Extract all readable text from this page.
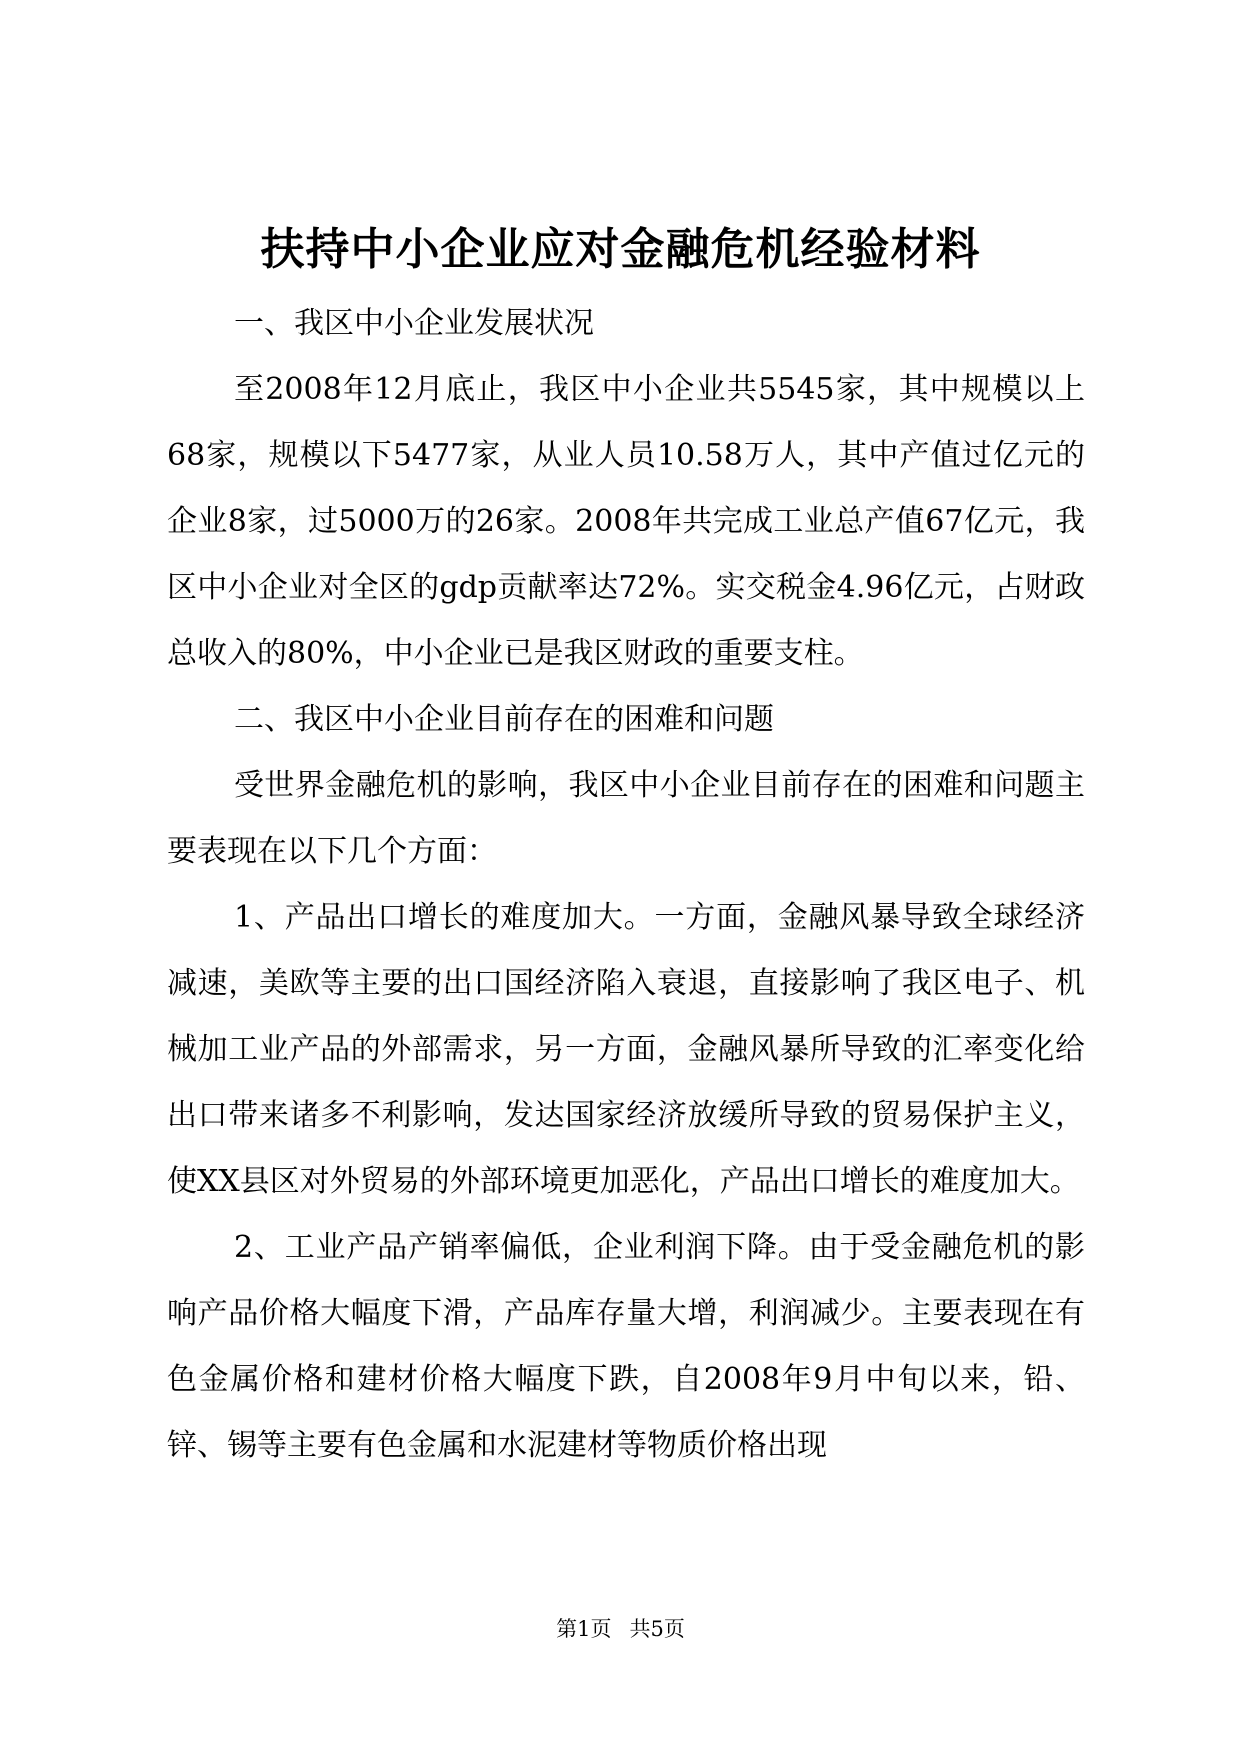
扶持中小企业应对金融危机经验材料

一、我区中小企业发展状况

至2008年12月底止，我区中小企业共5545家，其中规模以上68家，规模以下5477家，从业人员10.58万人，其中产值过亿元的企业8家，过5000万的26家。2008年共完成工业总产值67亿元，我区中小企业对全区的gdp贡献率达72%。实交税金4.96亿元，占财政总收入的80%，中小企业已是我区财政的重要支柱。

二、我区中小企业目前存在的困难和问题

受世界金融危机的影响，我区中小企业目前存在的困难和问题主要表现在以下几个方面：

1、产品出口增长的难度加大。一方面，金融风暴导致全球经济减速，美欧等主要的出口国经济陷入衰退，直接影响了我区电子、机械加工业产品的外部需求，另一方面，金融风暴所导致的汇率变化给出口带来诸多不利影响，发达国家经济放缓所导致的贸易保护主义，使XX县区对外贸易的外部环境更加恶化，产品出口增长的难度加大。

2、工业产品产销率偏低，企业利润下降。由于受金融危机的影响产品价格大幅度下滑，产品库存量大增，利润减少。主要表现在有色金属价格和建材价格大幅度下跌，自2008年9月中旬以来，铅、锌、锡等主要有色金属和水泥建材等物质价格出现

第1页 共5页
